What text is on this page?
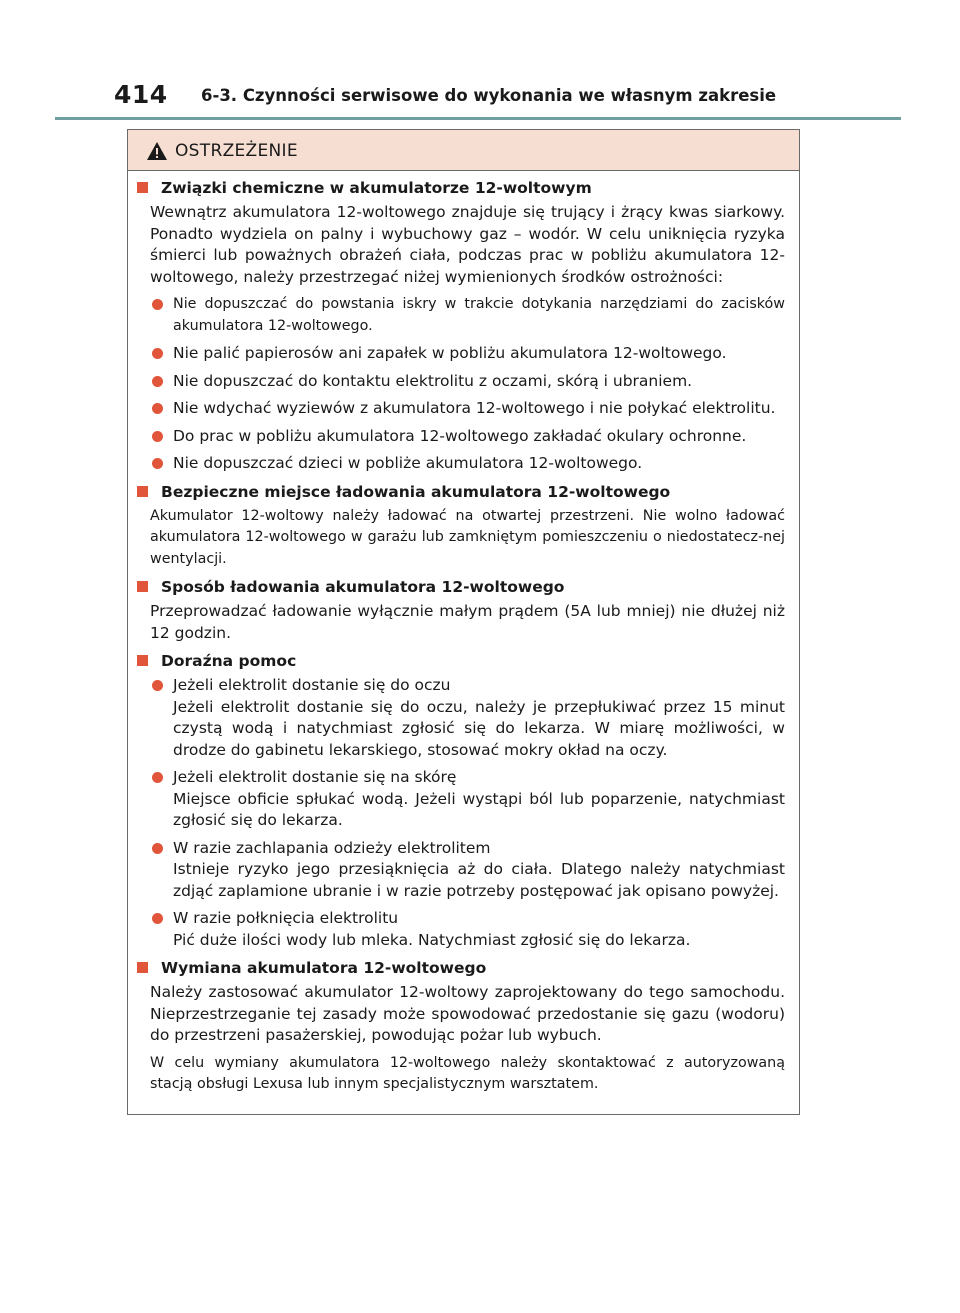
414 6-3. Czynności serwisowe do wykonania we własnym zakresie
OSTRZEŻENIE
Związki chemiczne w akumulatorze 12-woltowym
Wewnątrz akumulatora 12-woltowego znajduje się trujący i żrący kwas siarkowy. Ponadto wydziela on palny i wybuchowy gaz – wodór. W celu uniknięcia ryzyka śmierci lub poważnych obrażeń ciała, podczas prac w pobliżu akumulatora 12-woltowego, należy przestrzegać niżej wymienionych środków ostrożności:
Nie dopuszczać do powstania iskry w trakcie dotykania narzędziami do zacisków akumulatora 12-woltowego.
Nie palić papierosów ani zapałek w pobliżu akumulatora 12-woltowego.
Nie dopuszczać do kontaktu elektrolitu z oczami, skórą i ubraniem.
Nie wdychać wyziewów z akumulatora 12-woltowego i nie połykać elektrolitu.
Do prac w pobliżu akumulatora 12-woltowego zakładać okulary ochronne.
Nie dopuszczać dzieci w pobliże akumulatora 12-woltowego.
Bezpieczne miejsce ładowania akumulatora 12-woltowego
Akumulator 12-woltowy należy ładować na otwartej przestrzeni. Nie wolno ładować akumulatora 12-woltowego w garażu lub zamkniętym pomieszczeniu o niedostatecz-nej wentylacji.
Sposób ładowania akumulatora 12-woltowego
Przeprowadzać ładowanie wyłącznie małym prądem (5A lub mniej) nie dłużej niż 12 godzin.
Doraźna pomoc
Jeżeli elektrolit dostanie się do oczu
Jeżeli elektrolit dostanie się do oczu, należy je przepłukiwać przez 15 minut czystą wodą i natychmiast zgłosić się do lekarza. W miarę możliwości, w drodze do gabinetu lekarskiego, stosować mokry okład na oczy.
Jeżeli elektrolit dostanie się na skórę
Miejsce obficie spłukać wodą. Jeżeli wystąpi ból lub poparzenie, natychmiast zgłosić się do lekarza.
W razie zachlapania odzieży elektrolitem
Istnieje ryzyko jego przesiąknięcia aż do ciała. Dlatego należy natychmiast zdjąć zaplamione ubranie i w razie potrzeby postępować jak opisano powyżej.
W razie połknięcia elektrolitu
Pić duże ilości wody lub mleka. Natychmiast zgłosić się do lekarza.
Wymiana akumulatora 12-woltowego
Należy zastosować akumulator 12-woltowy zaprojektowany do tego samochodu. Nieprzestrzeganie tej zasady może spowodować przedostanie się gazu (wodoru) do przestrzeni pasażerskiej, powodując pożar lub wybuch.
W celu wymiany akumulatora 12-woltowego należy skontaktować z autoryzowaną stacją obsługi Lexusa lub innym specjalistycznym warsztatem.
